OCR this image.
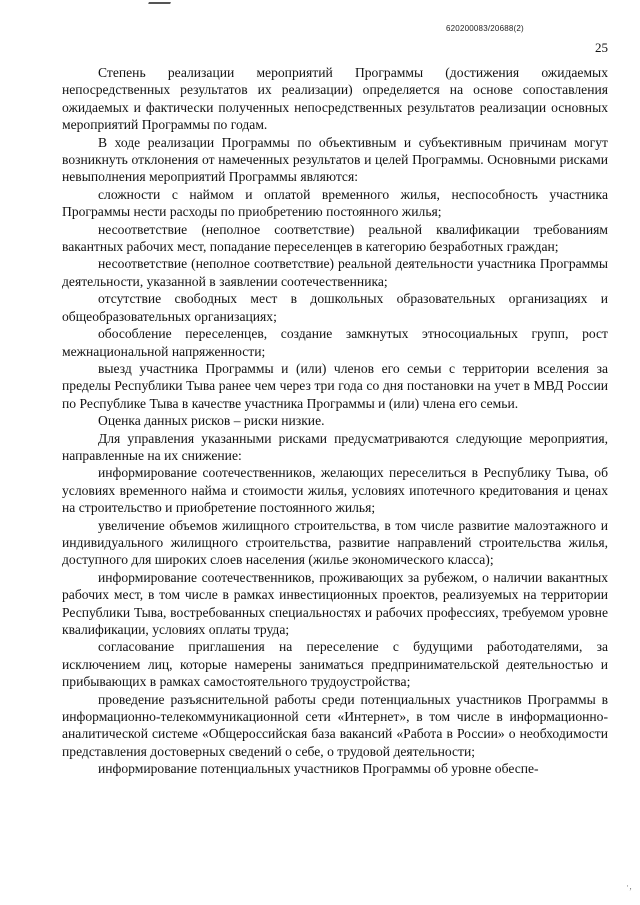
620200083/20688(2)
25

Степень реализации мероприятий Программы (достижения ожидаемых непосредственных результатов их реализации) определяется на основе сопоставления ожидаемых и фактически полученных непосредственных результатов реализации основных мероприятий Программы по годам.

В ходе реализации Программы по объективным и субъективным причинам могут возникнуть отклонения от намеченных результатов и целей Программы. Основными рисками невыполнения мероприятий Программы являются:

сложности с наймом и оплатой временного жилья, неспособность участника Программы нести расходы по приобретению постоянного жилья;

несоответствие (неполное соответствие) реальной квалификации требованиям вакантных рабочих мест, попадание переселенцев в категорию безработных граждан;

несоответствие (неполное соответствие) реальной деятельности участника Программы деятельности, указанной в заявлении соотечественника;

отсутствие свободных мест в дошкольных образовательных организациях и общеобразовательных организациях;

обособление переселенцев, создание замкнутых этносоциальных групп, рост межнациональной напряженности;

выезд участника Программы и (или) членов его семьи с территории вселения за пределы Республики Тыва ранее чем через три года со дня постановки на учет в МВД России по Республике Тыва в качестве участника Программы и (или) члена его семьи.

Оценка данных рисков – риски низкие.

Для управления указанными рисками предусматриваются следующие мероприятия, направленные на их снижение:

информирование соотечественников, желающих переселиться в Республику Тыва, об условиях временного найма и стоимости жилья, условиях ипотечного кредитования и ценах на строительство и приобретение постоянного жилья;

увеличение объемов жилищного строительства, в том числе развитие малоэтажного и индивидуального жилищного строительства, развитие направлений строительства жилья, доступного для широких слоев населения (жилье экономического класса);

информирование соотечественников, проживающих за рубежом, о наличии вакантных рабочих мест, в том числе в рамках инвестиционных проектов, реализуемых на территории Республики Тыва, востребованных специальностях и рабочих профессиях, требуемом уровне квалификации, условиях оплаты труда;

согласование приглашения на переселение с будущими работодателями, за исключением лиц, которые намерены заниматься предпринимательской деятельностью и прибывающих в рамках самостоятельного трудоустройства;

проведение разъяснительной работы среди потенциальных участников Программы в информационно-телекоммуникационной сети «Интернет», в том числе в информационно-аналитической системе «Общероссийская база вакансий «Работа в России» о необходимости представления достоверных сведений о себе, о трудовой деятельности;

информирование потенциальных участников Программы об уровне обеспе-

·‚
